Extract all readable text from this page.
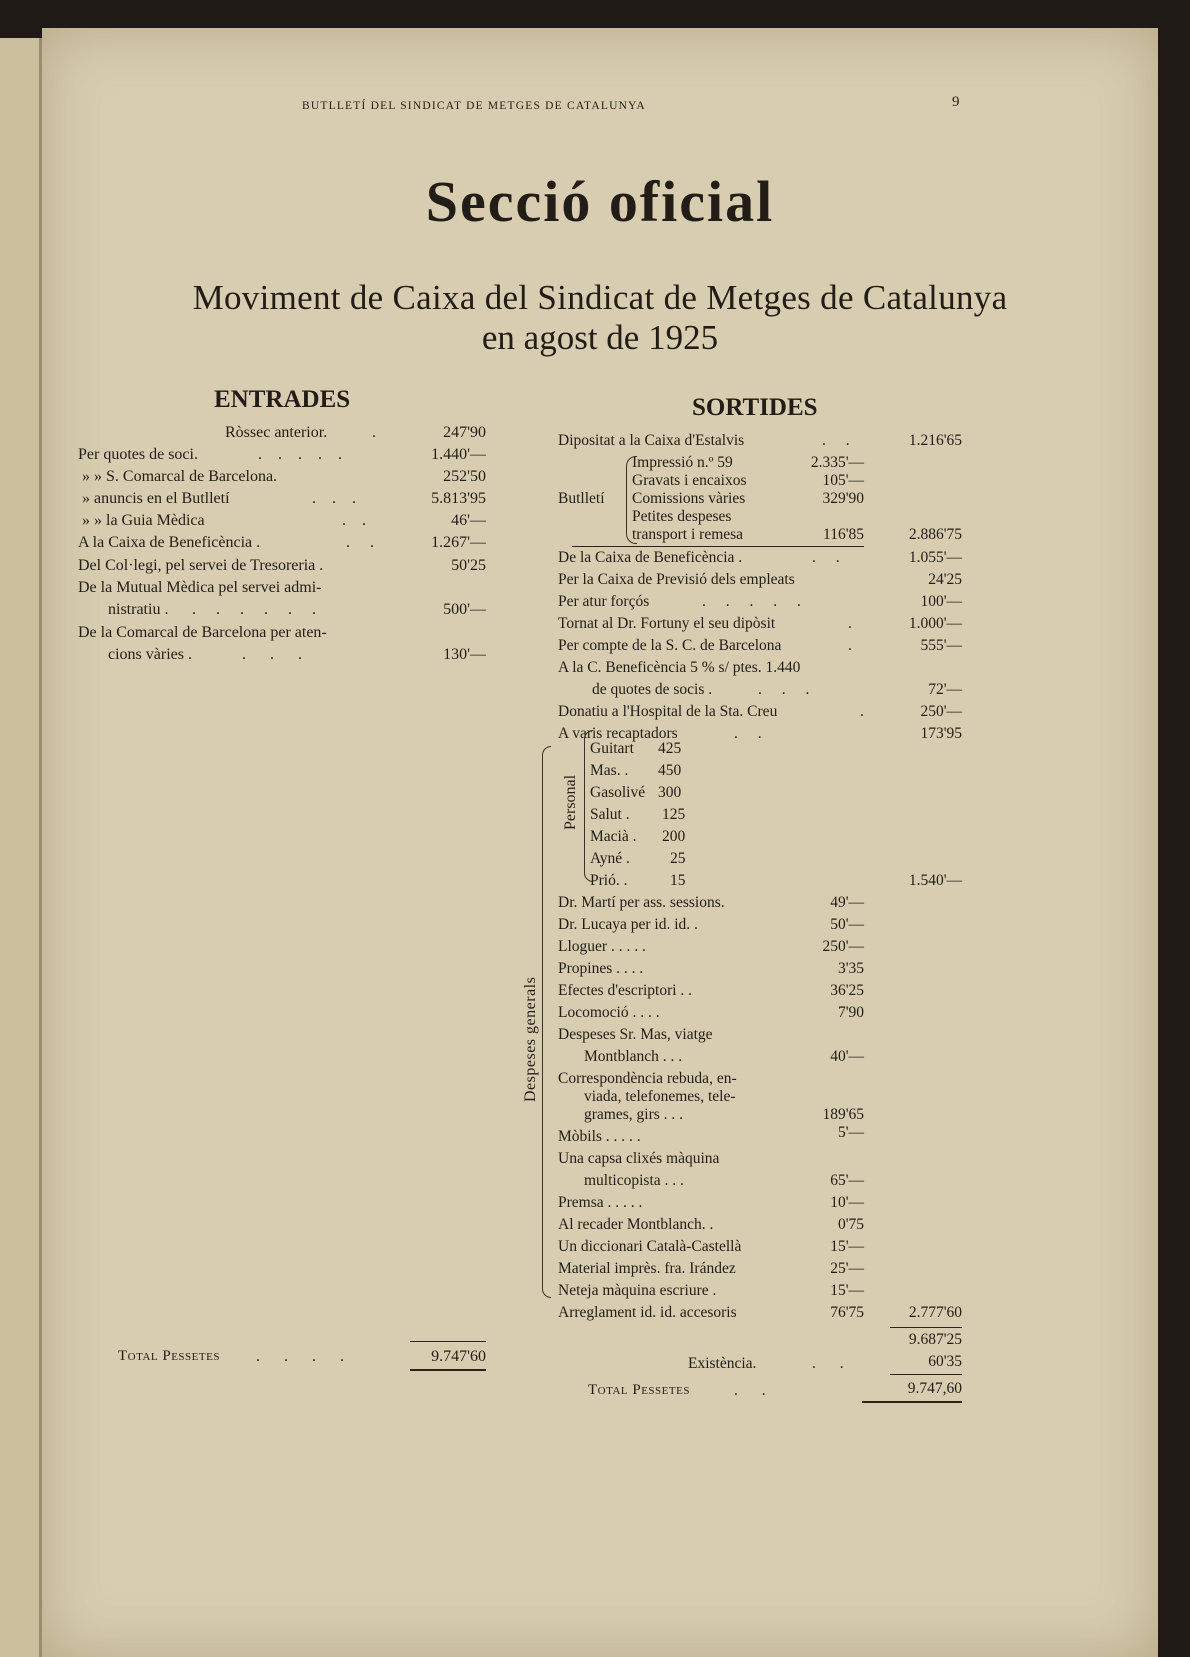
BUTLLETÍ DEL SINDICAT DE METGES DE CATALUNYA	9
Secció oficial
Moviment de Caixa del Sindicat de Metges de Catalunya
en agost de 1925
ENTRADES
Ròssec anterior.	.	247'90
Per quotes de soci.	. . . . .	1.440'—
» » S. Comarcal de Barcelona.	252'50
» anuncis en el Butlletí	. . .	5.813'95
» » la Guia Mèdica	. .	46'—
A la Caixa de Beneficència .	. .	1.267'—
Del Col·legi, pel servei de Tresoreria .	50'25
De la Mutual Mèdica pel servei admi-
nistratiu . . . . . . .	500'—
De la Comarcal de Barcelona per aten-
cions vàries .	. . .	130'—
Total Pessetes . . . .	9.747'60
SORTIDES
Dipositat a la Caixa d'Estalvis	. .	1.216'65
Butlletí
Impressió n.º 59	2.335'—
Gravats i encaixos	105'—
Comissions vàries	329'90
Petites despeses
transport i remesa	116'85	2.886'75
De la Caixa de Beneficència .	. .	1.055'—
Per la Caixa de Previsió dels empleats	24'25
Per atur forçós	. . . . .	100'—
Tornat al Dr. Fortuny el seu dipòsit	.	1.000'—
Per compte de la S. C. de Barcelona	.	555'—
A la C. Beneficència 5 % s/ ptes. 1.440
de quotes de socis .	. . .	72'—
Donatiu a l'Hospital de la Sta. Creu	.	250'—
A varis recaptadors	. .	173'95
Despeses generals
Personal
Guitart 425
Mas. . 450
Gasolivé 300
Salut . 125
Macià . 200
Ayné .	25
Prió. .	15	1.540'—
Dr. Martí per ass. sessions.	49'—
Dr. Lucaya per id. id. .	50'—
Lloguer . . . . .	250'—
Propines . . . .	3'35
Efectes d'escriptori . .	36'25
Locomoció . . . .	7'90
Despeses Sr. Mas, viatge
Montblanch . . .	40'—
Correspondència rebuda, en-
viada, telefonemes, tele-
grames, girs . . .	189'65
Mòbils . . . . .	5'—
Una capsa clixés màquina
multicopista . . .	65'—
Premsa . . . . .	10'—
Al recader Montblanch. .	0'75
Un diccionari Català-Castellà	15'—
Material imprès. fra. Irández	25'—
Neteja màquina escriure .	15'—
Arreglament id. id. accesoris	76'75	2.777'60
9.687'25
Existència.	. .	60'35
Total Pessetes	. .	9.747,60
